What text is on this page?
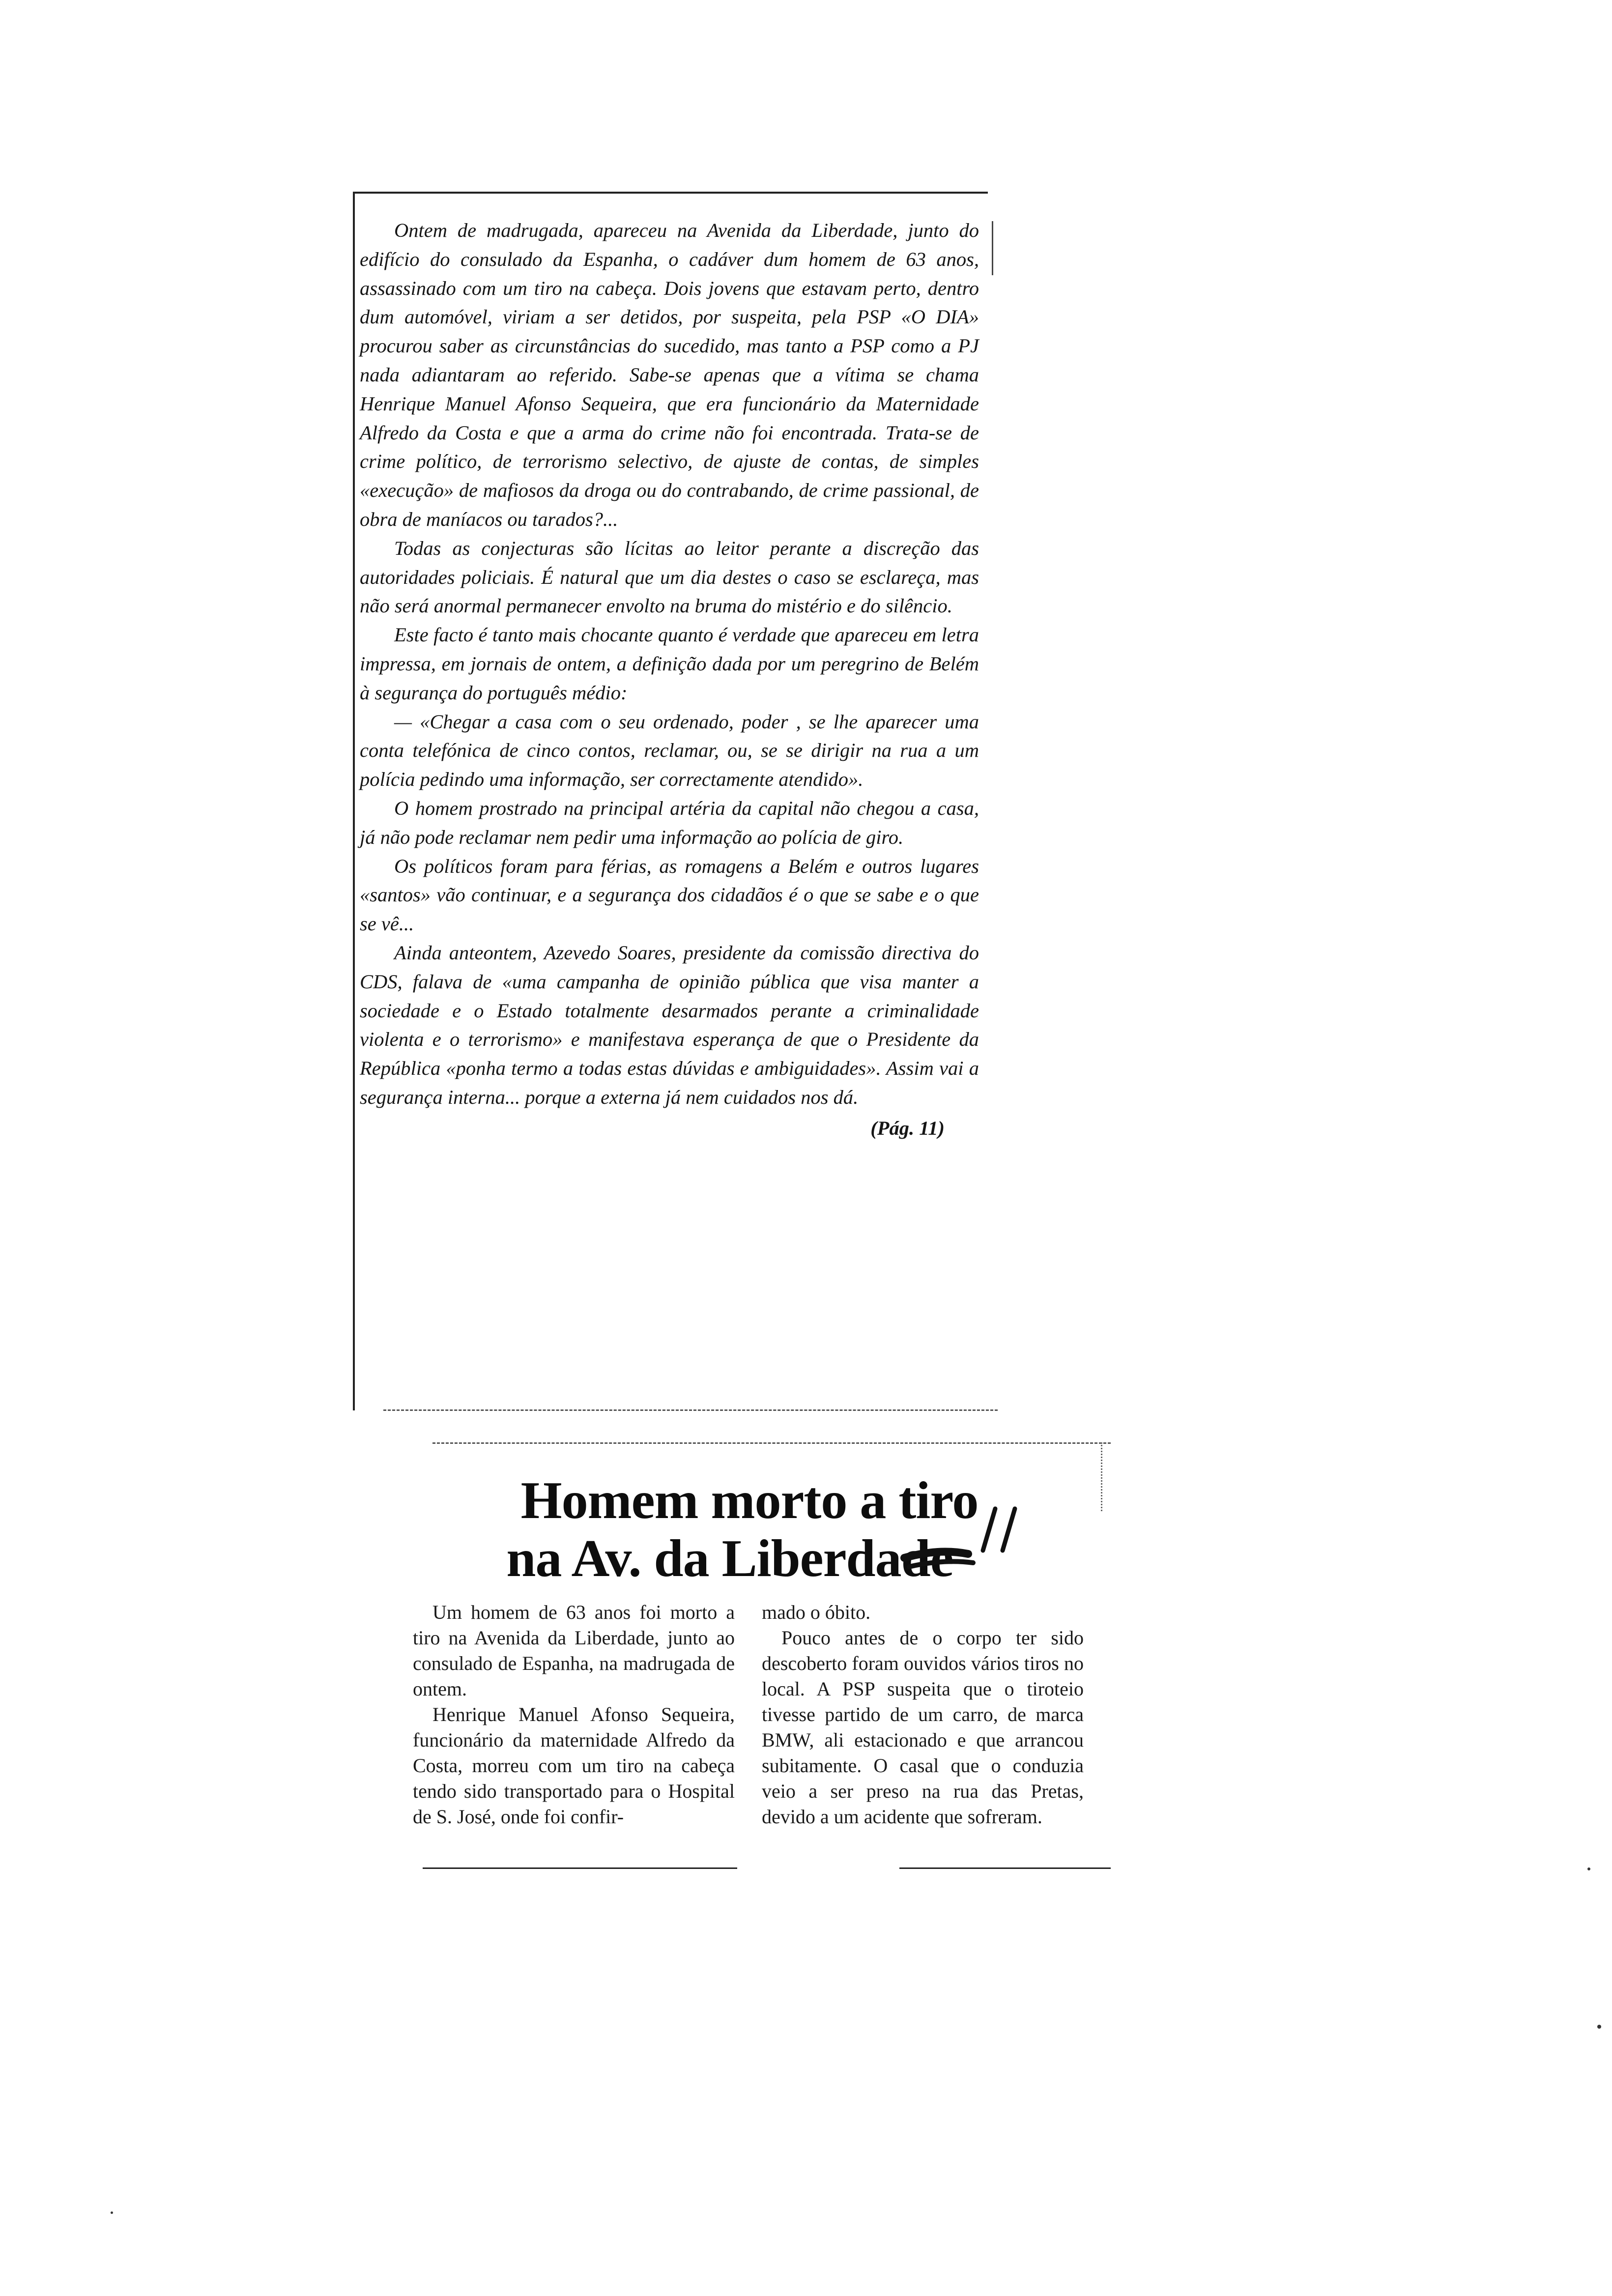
Ontem de madrugada, apareceu na Avenida da Liberdade, junto do edifício do consulado da Espanha, o cadáver dum homem de 63 anos, assassinado com um tiro na cabeça. Dois jovens que estavam perto, dentro dum automóvel, viriam a ser detidos, por suspeita, pela PSP «O DIA» procurou saber as circunstâncias do sucedido, mas tanto a PSP como a PJ nada adiantaram ao referido. Sabe-se apenas que a vítima se chama Henrique Manuel Afonso Sequeira, que era funcionário da Maternidade Alfredo da Costa e que a arma do crime não foi encontrada. Trata-se de crime político, de terrorismo selectivo, de ajuste de contas, de simples «execução» de mafiosos da droga ou do contrabando, de crime passional, de obra de maníacos ou tarados?...

Todas as conjecturas são lícitas ao leitor perante a discreção das autoridades policiais. É natural que um dia destes o caso se esclareça, mas não será anormal permanecer envolto na bruma do mistério e do silêncio.

Este facto é tanto mais chocante quanto é verdade que apareceu em letra impressa, em jornais de ontem, a definição dada por um peregrino de Belém à segurança do português médio:

— «Chegar a casa com o seu ordenado, poder , se lhe aparecer uma conta telefónica de cinco contos, reclamar, ou, se se dirigir na rua a um polícia pedindo uma informação, ser correctamente atendido».

O homem prostrado na principal artéria da capital não chegou a casa, já não pode reclamar nem pedir uma informação ao polícia de giro.

Os políticos foram para férias, as romagens a Belém e outros lugares «santos» vão continuar, e a segurança dos cidadãos é o que se sabe e o que se vê...

Ainda anteontem, Azevedo Soares, presidente da comissão directiva do CDS, falava de «uma campanha de opinião pública que visa manter a sociedade e o Estado totalmente desarmados perante a criminalidade violenta e o terrorismo» e manifestava esperança de que o Presidente da República «ponha termo a todas estas dúvidas e ambiguidades». Assim vai a segurança interna... porque a externa já nem cuidados nos dá.

(Pág. 11)
Homem morto a tiro
na Av. da Liberdade

Um homem de 63 anos foi morto a tiro na Avenida da Liberdade, junto ao consulado de Espanha, na madrugada de ontem.

Henrique Manuel Afonso Sequeira, funcionário da maternidade Alfredo da Costa, morreu com um tiro na cabeça tendo sido transportado para o Hospital de S. José, onde foi confir-

mado o óbito.

Pouco antes de o corpo ter sido descoberto foram ouvidos vários tiros no local. A PSP suspeita que o tiroteio tivesse partido de um carro, de marca BMW, ali estacionado e que arrancou subitamente. O casal que o conduzia veio a ser preso na rua das Pretas, devido a um acidente que sofreram.
